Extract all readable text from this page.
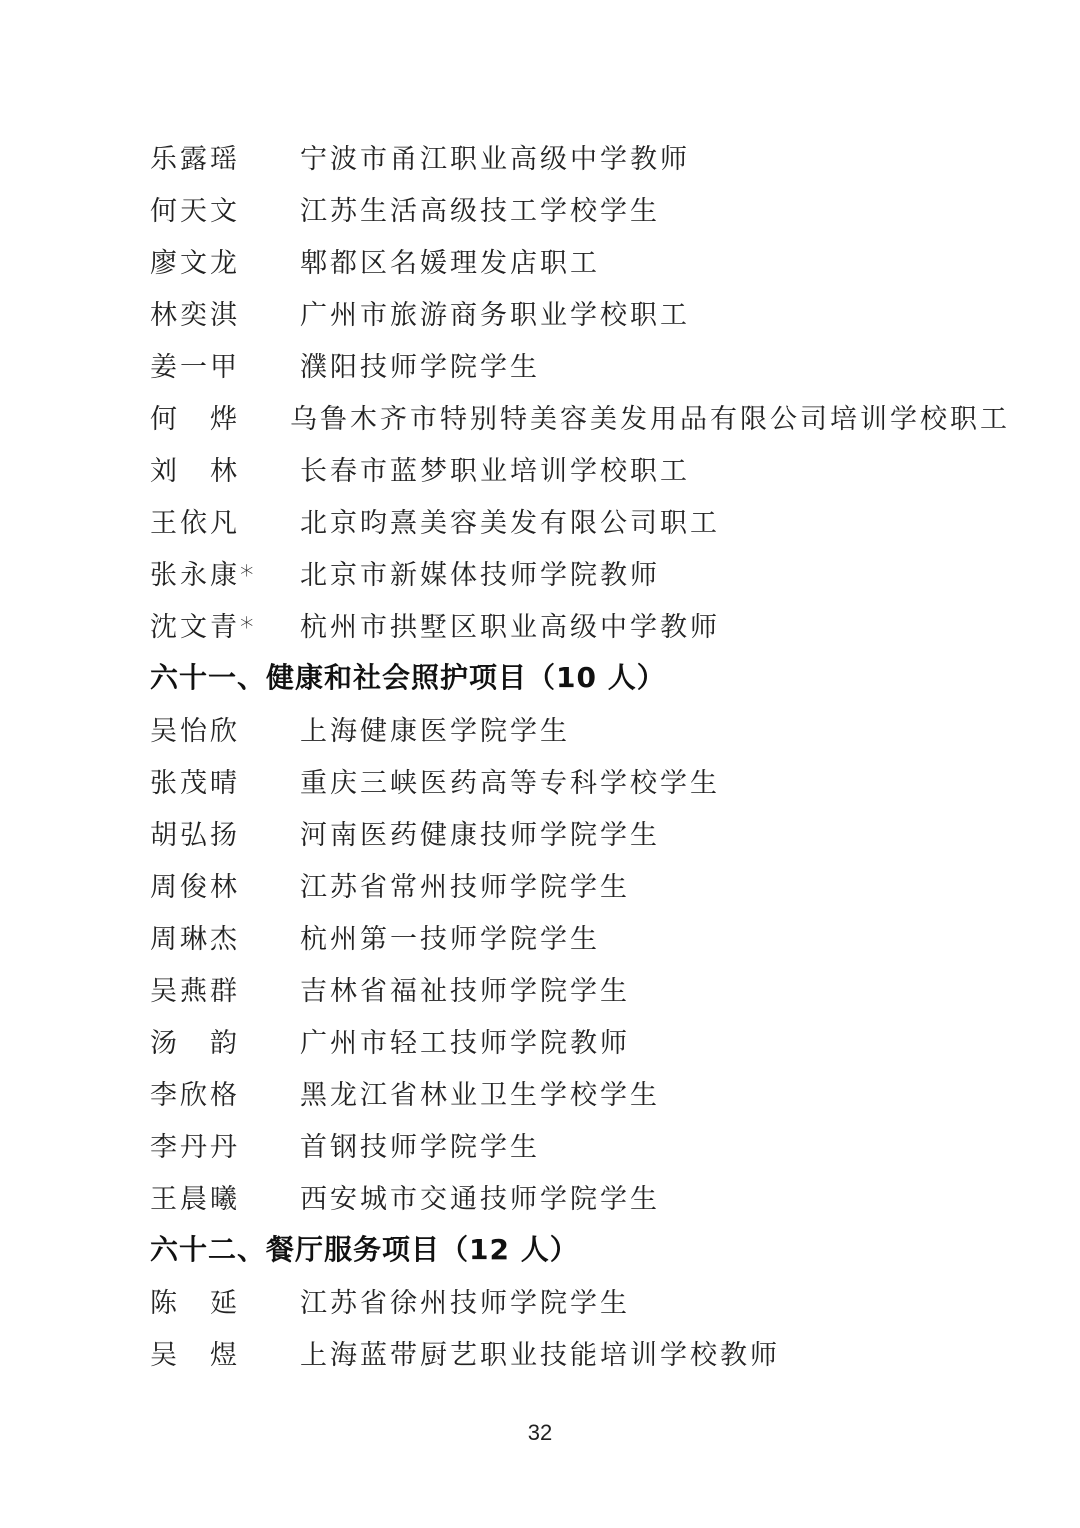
乐露瑶	宁波市甬江职业高级中学教师
何天文	江苏生活高级技工学校学生
廖文龙	郫都区名媛理发店职工
林奕淇	广州市旅游商务职业学校职工
姜一甲	濮阳技师学院学生
何　烨	乌鲁木齐市特别特美容美发用品有限公司培训学校职工
刘　林	长春市蓝梦职业培训学校职工
王依凡	北京昀熹美容美发有限公司职工
张永康*	北京市新媒体技师学院教师
沈文青*	杭州市拱墅区职业高级中学教师
六十一、健康和社会照护项目（10 人）
吴怡欣	上海健康医学院学生
张茂晴	重庆三峡医药高等专科学校学生
胡弘扬	河南医药健康技师学院学生
周俊林	江苏省常州技师学院学生
周琳杰	杭州第一技师学院学生
吴燕群	吉林省福祉技师学院学生
汤　韵	广州市轻工技师学院教师
李欣格	黑龙江省林业卫生学校学生
李丹丹	首钢技师学院学生
王晨曦	西安城市交通技师学院学生
六十二、餐厅服务项目（12 人）
陈　延	江苏省徐州技师学院学生
吴　煜	上海蓝带厨艺职业技能培训学校教师
32
